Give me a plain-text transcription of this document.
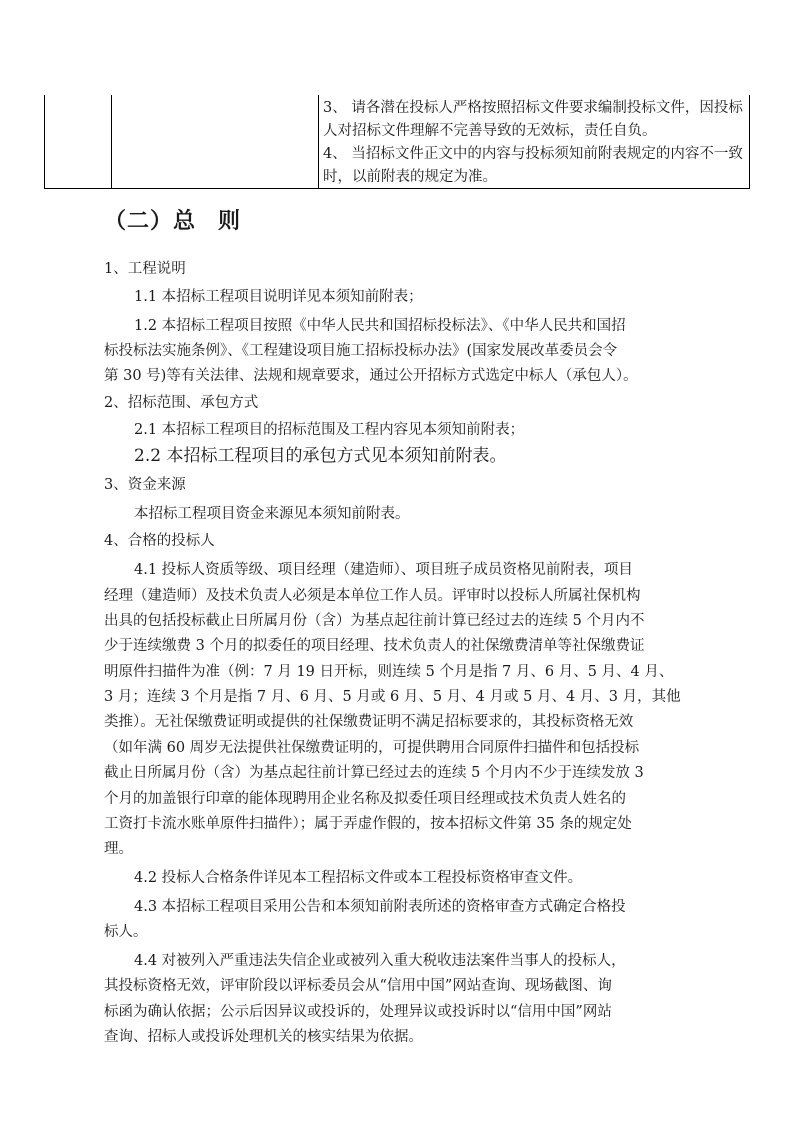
3、 请各潜在投标人严格按照招标文件要求编制投标文件，因投标

人对招标文件理解不完善导致的无效标，责任自负。

4、 当招标文件正文中的内容与投标须知前附表规定的内容不一致

时，以前附表的规定为准。

（二）总 则

1、工程说明

1.1 本招标工程项目说明详见本须知前附表；

1.2 本招标工程项目按照《中华人民共和国招标投标法》、《中华人民共和国招

标投标法实施条例》、《工程建设项目施工招标投标办法》(国家发展改革委员会令

第 30 号)等有关法律、法规和规章要求，通过公开招标方式选定中标人（承包人）。

2、招标范围、承包方式

2.1 本招标工程项目的招标范围及工程内容见本须知前附表；

2.2 本招标工程项目的承包方式见本须知前附表。

3、资金来源

本招标工程项目资金来源见本须知前附表。

4、合格的投标人

4.1 投标人资质等级、项目经理（建造师）、项目班子成员资格见前附表，项目

经理（建造师）及技术负责人必须是本单位工作人员。评审时以投标人所属社保机构

出具的包括投标截止日所属月份（含）为基点起往前计算已经过去的连续 5 个月内不

少于连续缴费 3 个月的拟委任的项目经理、技术负责人的社保缴费清单等社保缴费证

明原件扫描件为准（例：7 月 19 日开标，则连续 5 个月是指 7 月、6 月、5 月、4 月、

3 月；连续 3 个月是指 7 月、6 月、5 月或 6 月、5 月、4 月或 5 月、4 月、3 月，其他

类推）。无社保缴费证明或提供的社保缴费证明不满足招标要求的，其投标资格无效

（如年满 60 周岁无法提供社保缴费证明的，可提供聘用合同原件扫描件和包括投标

截止日所属月份（含）为基点起往前计算已经过去的连续 5 个月内不少于连续发放 3

个月的加盖银行印章的能体现聘用企业名称及拟委任项目经理或技术负责人姓名的

工资打卡流水账单原件扫描件）；属于弄虚作假的，按本招标文件第 35 条的规定处

理。

4.2 投标人合格条件详见本工程招标文件或本工程投标资格审查文件。

4.3 本招标工程项目采用公告和本须知前附表所述的资格审查方式确定合格投

标人。

4.4 对被列入严重违法失信企业或被列入重大税收违法案件当事人的投标人，

其投标资格无效，评审阶段以评标委员会从“信用中国”网站查询、现场截图、询

标函为确认依据；公示后因异议或投诉的，处理异议或投诉时以“信用中国”网站

查询、招标人或投诉处理机关的核实结果为依据。
